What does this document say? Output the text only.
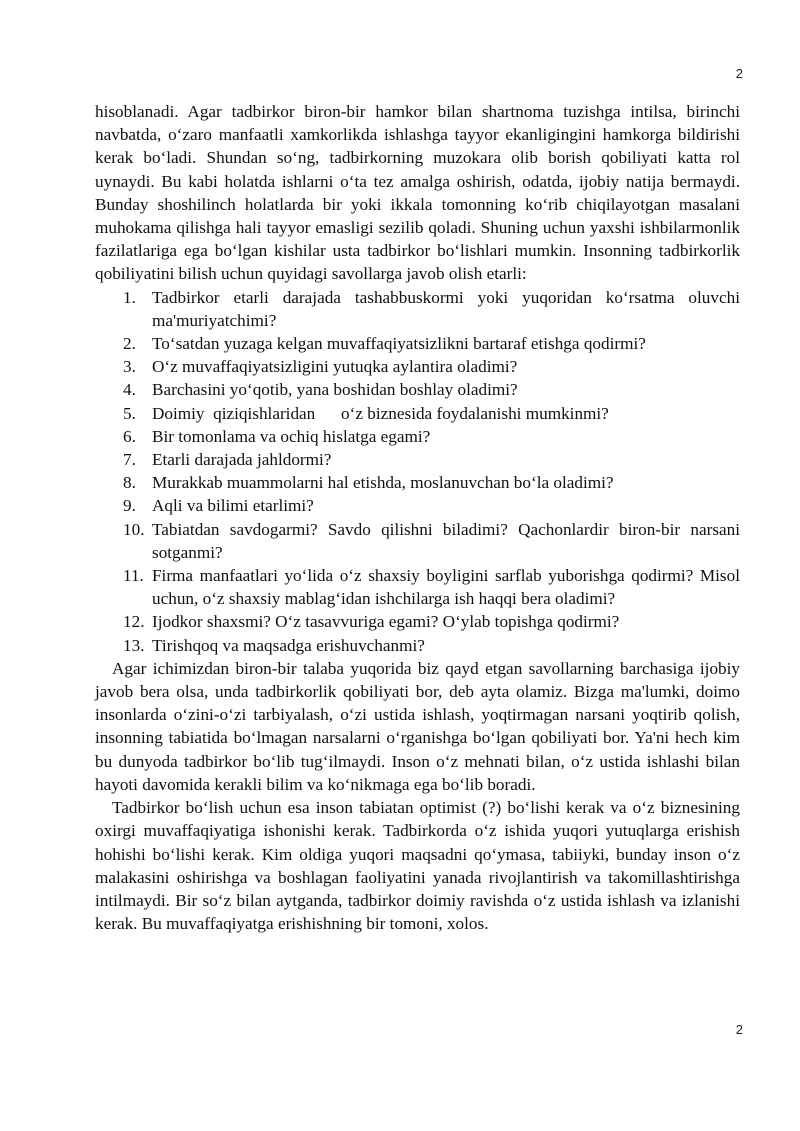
2

hisoblanadi. Agar tadbirkor biron-bir hamkor bilan shartnoma tuzishga intilsa, birinchi navbatda, o‘zaro manfaatli xamkorlikda ishlashga tayyor ekanligingini hamkorga bildirishi kerak bo‘ladi. Shundan so‘ng, tadbirkorning muzokara olib borish qobiliyati katta rol uynaydi. Bu kabi holatda ishlarni o‘ta tez amalga oshirish, odatda, ijobiy natija bermaydi. Bunday shoshilinch holatlarda bir yoki ikkala tomonning ko‘rib chiqilayotgan masalani muhokama qilishga hali tayyor emasligi sezilib qoladi. Shuning uchun yaxshi ishbilarmonlik fazilatlariga ega bo‘lgan kishilar usta tadbirkor bo‘lishlari mumkin. Insonning tadbirkorlik qobiliyatini bilish uchun quyidagi savollarga javob olish etarli:

1. Tadbirkor etarli darajada tashabbuskormi yoki yuqoridan ko‘rsatma oluvchi ma'muriyatchimi?
2. To‘satdan yuzaga kelgan muvaffaqiyatsizlikni bartaraf etishga qodirmi?
3. O‘z muvaffaqiyatsizligini yutuqka aylantira oladimi?
4. Barchasini yo‘qotib, yana boshidan boshlay oladimi?
5. Doimiy  qiziqishlaridan      o‘z biznesida foydalanishi mumkinmi?
6. Bir tomonlama va ochiq hislatga egami?
7. Etarli darajada jahldormi?
8. Murakkab muammolarni hal etishda, moslanuvchan bo‘la oladimi?
9. Aqli va bilimi etarlimi?
10. Tabiatdan savdogarmi? Savdo qilishni biladimi? Qachonlardir biron-bir narsani sotganmi?
11. Firma manfaatlari yo‘lida o‘z shaxsiy boyligini sarflab yuborishga qodirmi? Misol uchun, o‘z shaxsiy mablag‘idan ishchilarga ish haqqi bera oladimi?
12. Ijodkor shaxsmi? O‘z tasavvuriga egami? O‘ylab topishga qodirmi?
13. Tirishqoq va maqsadga erishuvchanmi?

Agar ichimizdan biron-bir talaba yuqorida biz qayd etgan savollarning barchasiga ijobiy javob bera olsa, unda tadbirkorlik qobiliyati bor, deb ayta olamiz. Bizga ma'lumki, doimo insonlarda o‘zini-o‘zi tarbiyalash, o‘zi ustida ishlash, yoqtirmagan narsani yoqtirib qolish, insonning tabiatida bo‘lmagan narsalarni o‘rganishga bo‘lgan qobiliyati bor. Ya'ni hech kim bu dunyoda tadbirkor bo‘lib tug‘ilmaydi. Inson o‘z mehnati bilan, o‘z ustida ishlashi bilan hayoti davomida kerakli bilim va ko‘nikmaga ega bo‘lib boradi.

Tadbirkor bo‘lish uchun esa inson tabiatan optimist (?) bo‘lishi kerak va o‘z biznesining oxirgi muvaffaqiyatiga ishonishi kerak. Tadbirkorda o‘z ishida yuqori yutuqlarga erishish hohishi bo‘lishi kerak. Kim oldiga yuqori maqsadni qo‘ymasa, tabiiyki, bunday inson o‘z malakasini oshirishga va boshlagan faoliyatini yanada rivojlantirish va takomillashtirishga intilmaydi. Bir so‘z bilan aytganda, tadbirkor doimiy ravishda o‘z ustida ishlash va izlanishi kerak. Bu muvaffaqiyatga erishishning bir tomoni, xolos.

2
